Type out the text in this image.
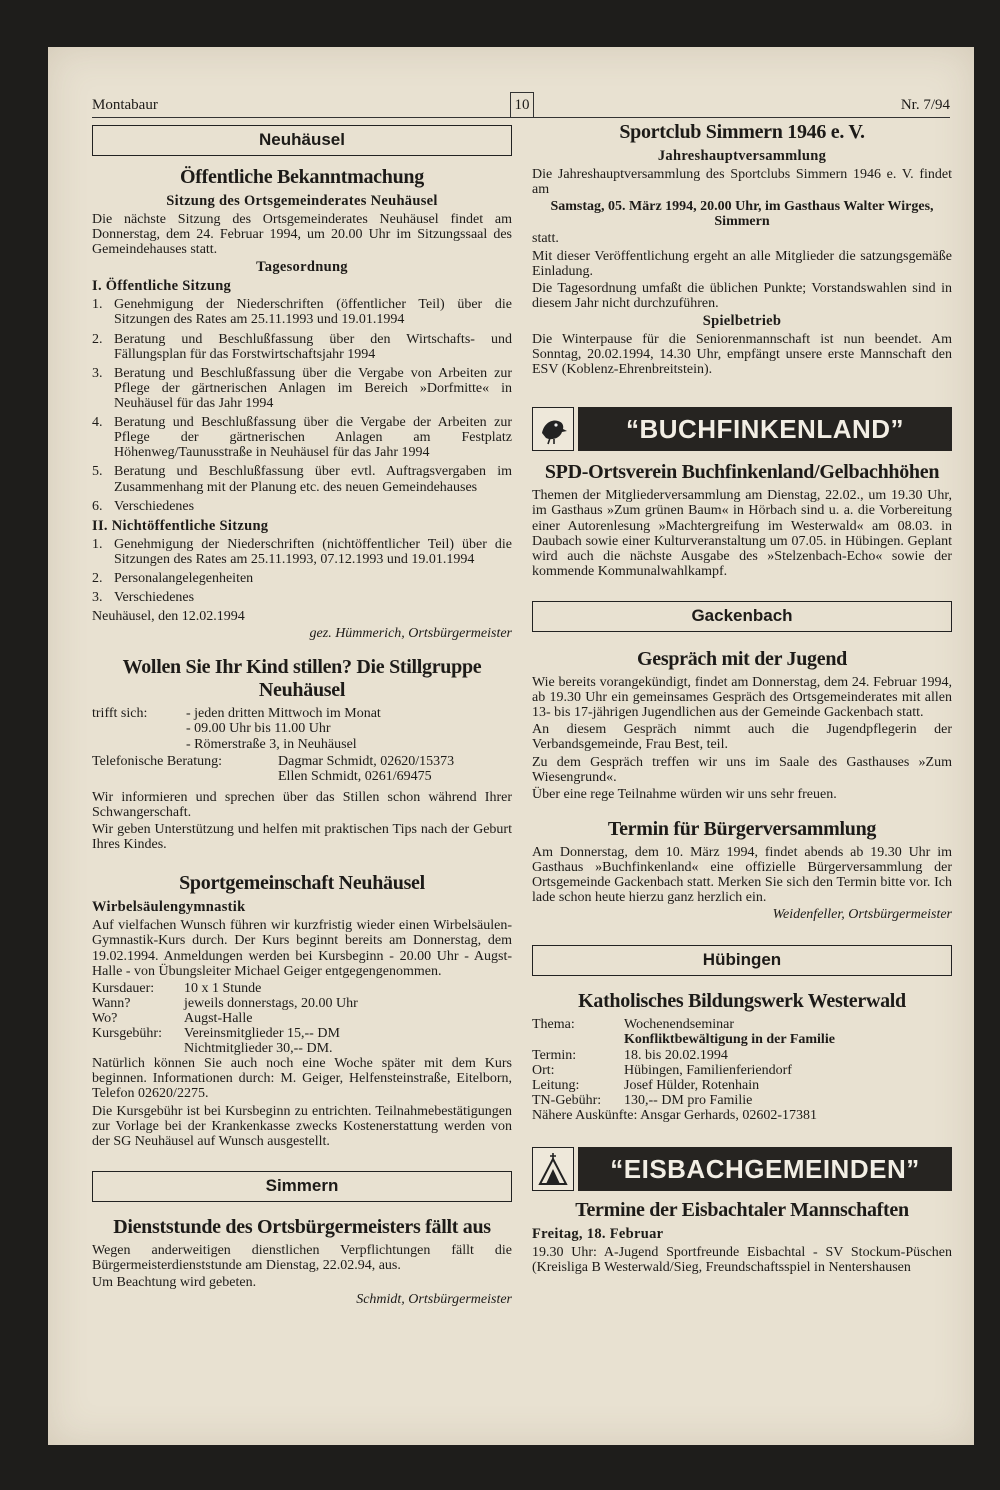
Montabaur	10	Nr. 7/94
Neuhäusel
Öffentliche Bekanntmachung
Sitzung des Ortsgemeinderates Neuhäusel

Die nächste Sitzung des Ortsgemeinderates Neuhäusel findet am Donnerstag, dem 24. Februar 1994, um 20.00 Uhr im Sitzungssaal des Gemeindehauses statt.

Tagesordnung
I. Öffentliche Sitzung
1. Genehmigung der Niederschriften (öffentlicher Teil) über die Sitzungen des Rates am 25.11.1993 und 19.01.1994
2. Beratung und Beschlußfassung über den Wirtschafts- und Fällungsplan für das Forstwirtschaftsjahr 1994
3. Beratung und Beschlußfassung über die Vergabe von Arbeiten zur Pflege der gärtnerischen Anlagen im Bereich »Dorfmitte« in Neuhäusel für das Jahr 1994
4. Beratung und Beschlußfassung über die Vergabe der Arbeiten zur Pflege der gärtnerischen Anlagen am Festplatz Höhenweg/Taunusstraße in Neuhäusel für das Jahr 1994
5. Beratung und Beschlußfassung über evtl. Auftragsvergaben im Zusammenhang mit der Planung etc. des neuen Gemeindehauses
6. Verschiedenes
II. Nichtöffentliche Sitzung
1. Genehmigung der Niederschriften (nichtöffentlicher Teil) über die Sitzungen des Rates am 25.11.1993, 07.12.1993 und 19.01.1994
2. Personalangelegenheiten
3. Verschiedenes

Neuhäusel, den 12.02.1994

gez. Hümmerich, Ortsbürgermeister
Wollen Sie Ihr Kind stillen? Die Stillgruppe Neuhäusel
trifft sich:	- jeden dritten Mittwoch im Monat
- 09.00 Uhr bis 11.00 Uhr
- Römerstraße 3, in Neuhäusel
Telefonische Beratung:	Dagmar Schmidt, 02620/15373
Ellen Schmidt, 0261/69475

Wir informieren und sprechen über das Stillen schon während Ihrer Schwangerschaft.

Wir geben Unterstützung und helfen mit praktischen Tips nach der Geburt Ihres Kindes.

Sportgemeinschaft Neuhäusel
Wirbelsäulengymnastik

Auf vielfachen Wunsch führen wir kurzfristig wieder einen Wirbelsäulen-Gymnastik-Kurs durch. Der Kurs beginnt bereits am Donnerstag, dem 19.02.1994. Anmeldungen werden bei Kursbeginn - 20.00 Uhr - Augst-Halle - von Übungsleiter Michael Geiger entgegengenommen.

Kursdauer:	10 x 1 Stunde
Wann?	jeweils donnerstags, 20.00 Uhr
Wo?	Augst-Halle
Kursgebühr:	Vereinsmitglieder 15,-- DM
Nichtmitglieder 30,-- DM.

Natürlich können Sie auch noch eine Woche später mit dem Kurs beginnen. Informationen durch: M. Geiger, Helfensteinstraße, Eitelborn, Telefon 02620/2275.

Die Kursgebühr ist bei Kursbeginn zu entrichten. Teilnahmebestätigungen zur Vorlage bei der Krankenkasse zwecks Kostenerstattung werden von der SG Neuhäusel auf Wunsch ausgestellt.

Simmern
Dienststunde des Ortsbürgermeisters fällt aus

Wegen anderweitigen dienstlichen Verpflichtungen fällt die Bürgermeisterdienststunde am Dienstag, 22.02.94, aus.

Um Beachtung wird gebeten.

Schmidt, Ortsbürgermeister
Sportclub Simmern 1946 e. V.
Jahreshauptversammlung

Die Jahreshauptversammlung des Sportclubs Simmern 1946 e. V. findet am

Samstag, 05. März 1994, 20.00 Uhr, im Gasthaus Walter Wirges, Simmern

statt.

Mit dieser Veröffentlichung ergeht an alle Mitglieder die satzungsgemäße Einladung.

Die Tagesordnung umfaßt die üblichen Punkte; Vorstandswahlen sind in diesem Jahr nicht durchzuführen.

Spielbetrieb

Die Winterpause für die Seniorenmannschaft ist nun beendet. Am Sonntag, 20.02.1994, 14.30 Uhr, empfängt unsere erste Mannschaft den ESV (Koblenz-Ehrenbreitstein).

“BUCHFINKENLAND”
SPD-Ortsverein Buchfinkenland/Gelbachhöhen

Themen der Mitgliederversammlung am Dienstag, 22.02., um 19.30 Uhr, im Gasthaus »Zum grünen Baum« in Hörbach sind u. a. die Vorbereitung einer Autorenlesung »Machtergreifung im Westerwald« am 08.03. in Daubach sowie einer Kulturveranstaltung um 07.05. in Hübingen. Geplant wird auch die nächste Ausgabe des »Stelzenbach-Echo« sowie der kommende Kommunalwahlkampf.

Gackenbach
Gespräch mit der Jugend

Wie bereits vorangekündigt, findet am Donnerstag, dem 24. Februar 1994, ab 19.30 Uhr ein gemeinsames Gespräch des Ortsgemeinderates mit allen 13- bis 17-jährigen Jugendlichen aus der Gemeinde Gackenbach statt.

An diesem Gespräch nimmt auch die Jugendpflegerin der Verbandsgemeinde, Frau Best, teil.

Zu dem Gespräch treffen wir uns im Saale des Gasthauses »Zum Wiesengrund«.

Über eine rege Teilnahme würden wir uns sehr freuen.

Termin für Bürgerversammlung

Am Donnerstag, dem 10. März 1994, findet abends ab 19.30 Uhr im Gasthaus »Buchfinkenland« eine offizielle Bürgerversammlung der Ortsgemeinde Gackenbach statt. Merken Sie sich den Termin bitte vor. Ich lade schon heute hierzu ganz herzlich ein.

Weidenfeller, Ortsbürgermeister
Hübingen
Katholisches Bildungswerk Westerwald
Thema:	Wochenendseminar
Konfliktbewältigung in der Familie
Termin:	18. bis 20.02.1994
Ort:	Hübingen, Familienferiendorf
Leitung:	Josef Hülder, Rotenhain
TN-Gebühr:	130,-- DM pro Familie

Nähere Auskünfte: Ansgar Gerhards, 02602-17381

“EISBACHGEMEINDEN”
Termine der Eisbachtaler Mannschaften
Freitag, 18. Februar

19.30 Uhr: A-Jugend Sportfreunde Eisbachtal - SV Stockum-Püschen (Kreisliga B Westerwald/Sieg, Freundschaftsspiel in Nentershausen
